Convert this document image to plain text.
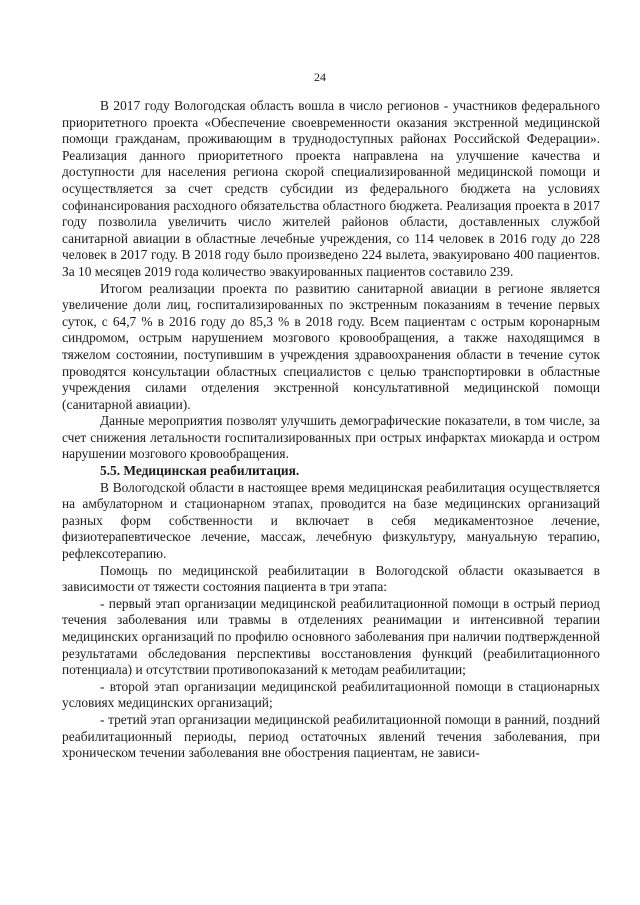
24

В 2017 году Вологодская область вошла в число регионов - участников федерального приоритетного проекта «Обеспечение своевременности оказания экстренной медицинской помощи гражданам, проживающим в труднодоступных районах Российской Федерации». Реализация данного приоритетного проекта направлена на улучшение качества и доступности для населения региона скорой специализированной медицинской помощи и осуществляется за счет средств субсидии из федерального бюджета на условиях софинансирования расходного обязательства областного бюджета. Реализация проекта в 2017 году позволила увеличить число жителей районов области, доставленных службой санитарной авиации в областные лечебные учреждения, со 114 человек в 2016 году до 228 человек в 2017 году. В 2018 году было произведено 224 вылета, эвакуировано 400 пациентов. За 10 месяцев 2019 года количество эвакуированных пациентов составило 239.

Итогом реализации проекта по развитию санитарной авиации в регионе является увеличение доли лиц, госпитализированных по экстренным показаниям в течение первых суток, с 64,7 % в 2016 году до 85,3 % в 2018 году. Всем пациентам с острым коронарным синдромом, острым нарушением мозгового кровообращения, а также находящимся в тяжелом состоянии, поступившим в учреждения здравоохранения области в течение суток проводятся консультации областных специалистов с целью транспортировки в областные учреждения силами отделения экстренной консультативной медицинской помощи (санитарной авиации).

Данные мероприятия позволят улучшить демографические показатели, в том числе, за счет снижения летальности госпитализированных при острых инфарктах миокарда и остром нарушении мозгового кровообращения.

5.5. Медицинская реабилитация.

В Вологодской области в настоящее время медицинская реабилитация осуществляется на амбулаторном и стационарном этапах, проводится на базе медицинских организаций разных форм собственности и включает в себя медикаментозное лечение, физиотерапевтическое лечение, массаж, лечебную физкультуру, мануальную терапию, рефлексотерапию.

Помощь по медицинской реабилитации в Вологодской области оказывается в зависимости от тяжести состояния пациента в три этапа:

- первый этап организации медицинской реабилитационной помощи в острый период течения заболевания или травмы в отделениях реанимации и интенсивной терапии медицинских организаций по профилю основного заболевания при наличии подтвержденной результатами обследования перспективы восстановления функций (реабилитационного потенциала) и отсутствии противопоказаний к методам реабилитации;

- второй этап организации медицинской реабилитационной помощи в стационарных условиях медицинских организаций;

- третий этап организации медицинской реабилитационной помощи в ранний, поздний реабилитационный периоды, период остаточных явлений течения заболевания, при хроническом течении заболевания вне обострения пациентам, не зависи-
